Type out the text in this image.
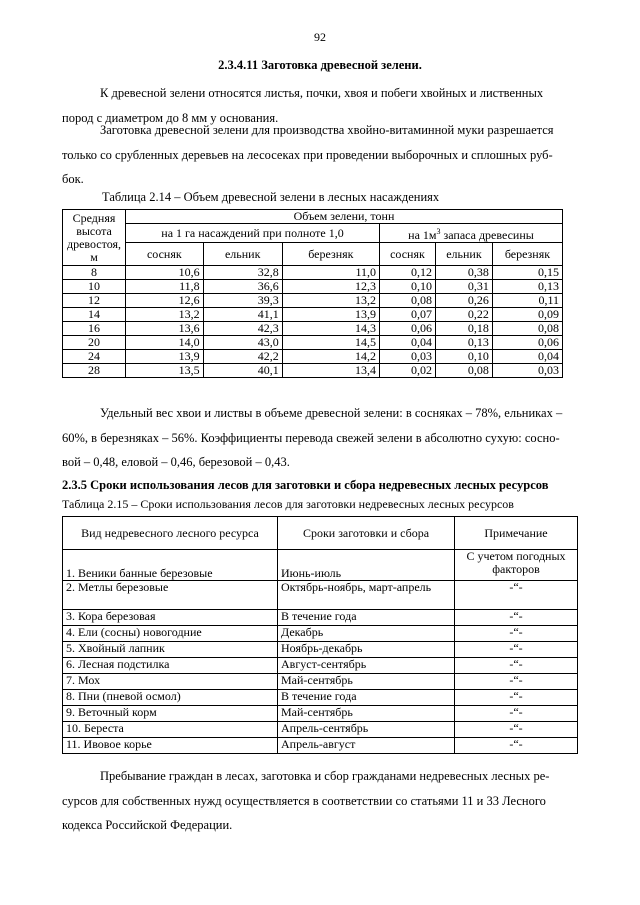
92
2.3.4.11 Заготовка древесной зелени.
К древесной зелени относятся листья, почки, хвоя и побеги хвойных и лиственных
пород с диаметром до 8 мм у основания.
Заготовка древесной зелени для производства хвойно-витаминной муки разрешается
только со срубленных деревьев на лесосеках при проведении выборочных и сплошных руб-
бок.
Таблица 2.14 – Объем древесной зелени в лесных насаждениях
Средняя высота древостоя, м	Объем зелени, тонн					
	на 1 га насаждений при полноте 1,0			на $1м^3$ запаса древесины		
	сосняк	ельник	березняк	сосняк	ельник	березняк
8	10,6	32,8	11,0	0,12	0,38	0,15
10	11,8	36,6	12,3	0,10	0,31	0,13
12	12,6	39,3	13,2	0,08	0,26	0,11
14	13,2	41,1	13,9	0,07	0,22	0,09
16	13,6	42,3	14,3	0,06	0,18	0,08
20	14,0	43,0	14,5	0,04	0,13	0,06
24	13,9	42,2	14,2	0,03	0,10	0,04
28	13,5	40,1	13,4	0,02	0,08	0,03
Удельный вес хвои и листвы в объеме древесной зелени: в сосняках – 78%, ельниках –
60%, в березняках – 56%. Коэффициенты перевода свежей зелени в абсолютно сухую: сосно-
вой – 0,48, еловой – 0,46, березовой – 0,43.
2.3.5 Сроки использования лесов для заготовки и сбора недревесных лесных ресурсов
Таблица 2.15 – Сроки использования лесов для заготовки недревесных лесных ресурсов
Вид недревесного лесного ресурса	Сроки заготовки и сбора	Примечание
1. Веники банные березовые	Июнь-июль	С учетом погодных факторов
2. Метлы березовые	Октябрь-ноябрь, март-апрель	-“-
3. Кора березовая	В течение года	-“-
4. Ели (сосны) новогодние	Декабрь	-“-
5. Хвойный лапник	Ноябрь-декабрь	-“-
6. Лесная подстилка	Август-сентябрь	-“-
7. Мох	Май-сентябрь	-“-
8. Пни (пневой осмол)	В течение года	-“-
9. Веточный корм	Май-сентябрь	-“-
10. Береста	Апрель-сентябрь	-“-
11. Ивовое корье	Апрель-август	-“-
Пребывание граждан в лесах, заготовка и сбор гражданами недревесных лесных ре-
сурсов для собственных нужд осуществляется в соответствии со статьями 11 и 33 Лесного
кодекса Российской Федерации.
